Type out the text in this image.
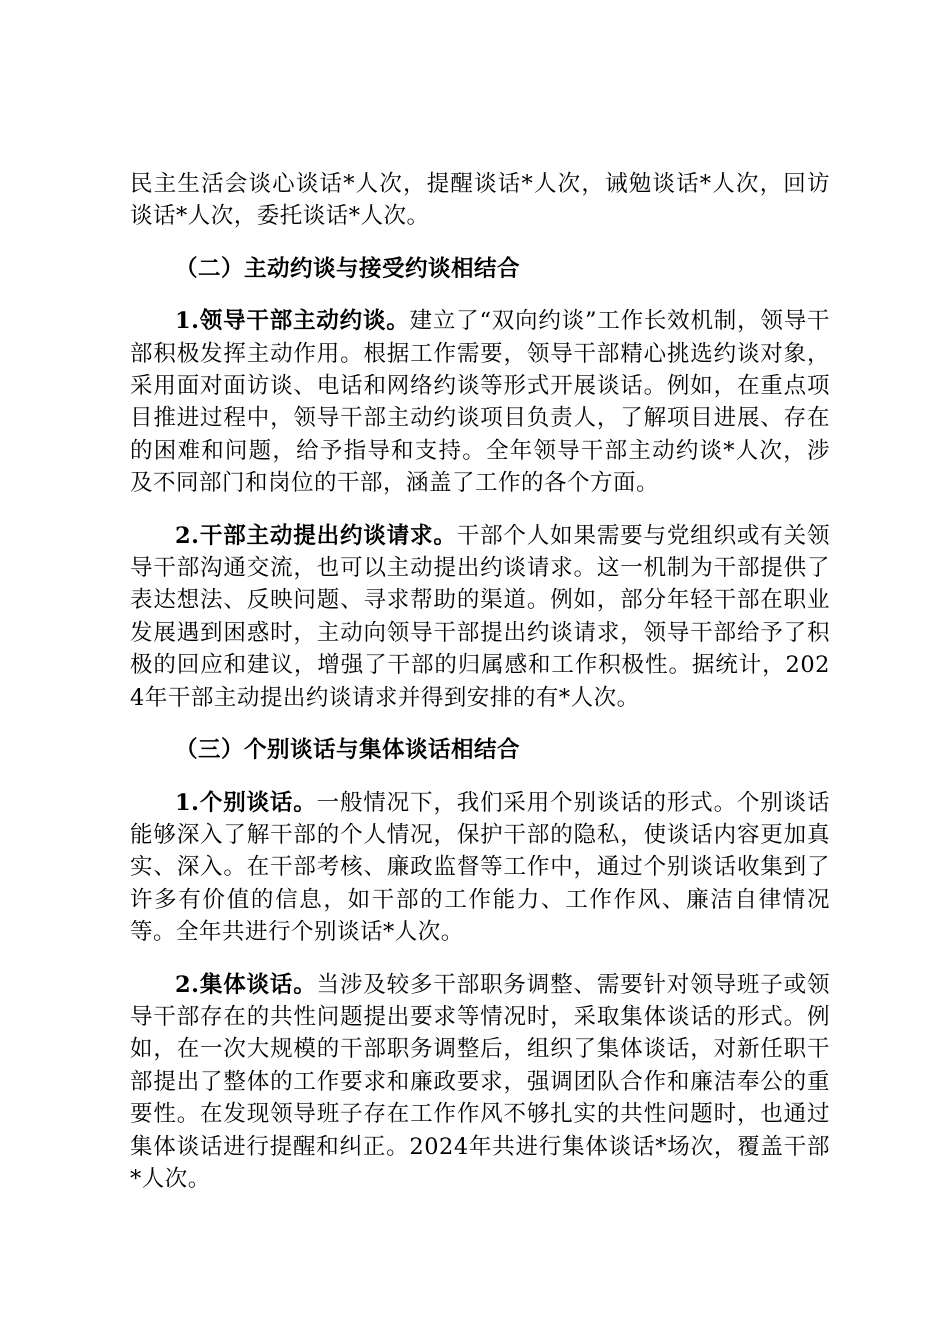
民主生活会谈心谈话*人次，提醒谈话*人次，诫勉谈话*人次，回访谈话*人次，委托谈话*人次。

（二）主动约谈与接受约谈相结合

1.领导干部主动约谈。建立了“双向约谈”工作长效机制，领导干部积极发挥主动作用。根据工作需要，领导干部精心挑选约谈对象，采用面对面访谈、电话和网络约谈等形式开展谈话。例如，在重点项目推进过程中，领导干部主动约谈项目负责人，了解项目进展、存在的困难和问题，给予指导和支持。全年领导干部主动约谈*人次，涉及不同部门和岗位的干部，涵盖了工作的各个方面。

2.干部主动提出约谈请求。干部个人如果需要与党组织或有关领导干部沟通交流，也可以主动提出约谈请求。这一机制为干部提供了表达想法、反映问题、寻求帮助的渠道。例如，部分年轻干部在职业发展遇到困惑时，主动向领导干部提出约谈请求，领导干部给予了积极的回应和建议，增强了干部的归属感和工作积极性。据统计，2024年干部主动提出约谈请求并得到安排的有*人次。

（三）个别谈话与集体谈话相结合

1.个别谈话。一般情况下，我们采用个别谈话的形式。个别谈话能够深入了解干部的个人情况，保护干部的隐私，使谈话内容更加真实、深入。在干部考核、廉政监督等工作中，通过个别谈话收集到了许多有价值的信息，如干部的工作能力、工作作风、廉洁自律情况等。全年共进行个别谈话*人次。

2.集体谈话。当涉及较多干部职务调整、需要针对领导班子或领导干部存在的共性问题提出要求等情况时，采取集体谈话的形式。例如，在一次大规模的干部职务调整后，组织了集体谈话，对新任职干部提出了整体的工作要求和廉政要求，强调团队合作和廉洁奉公的重要性。在发现领导班子存在工作作风不够扎实的共性问题时，也通过集体谈话进行提醒和纠正。2024年共进行集体谈话*场次，覆盖干部*人次。
